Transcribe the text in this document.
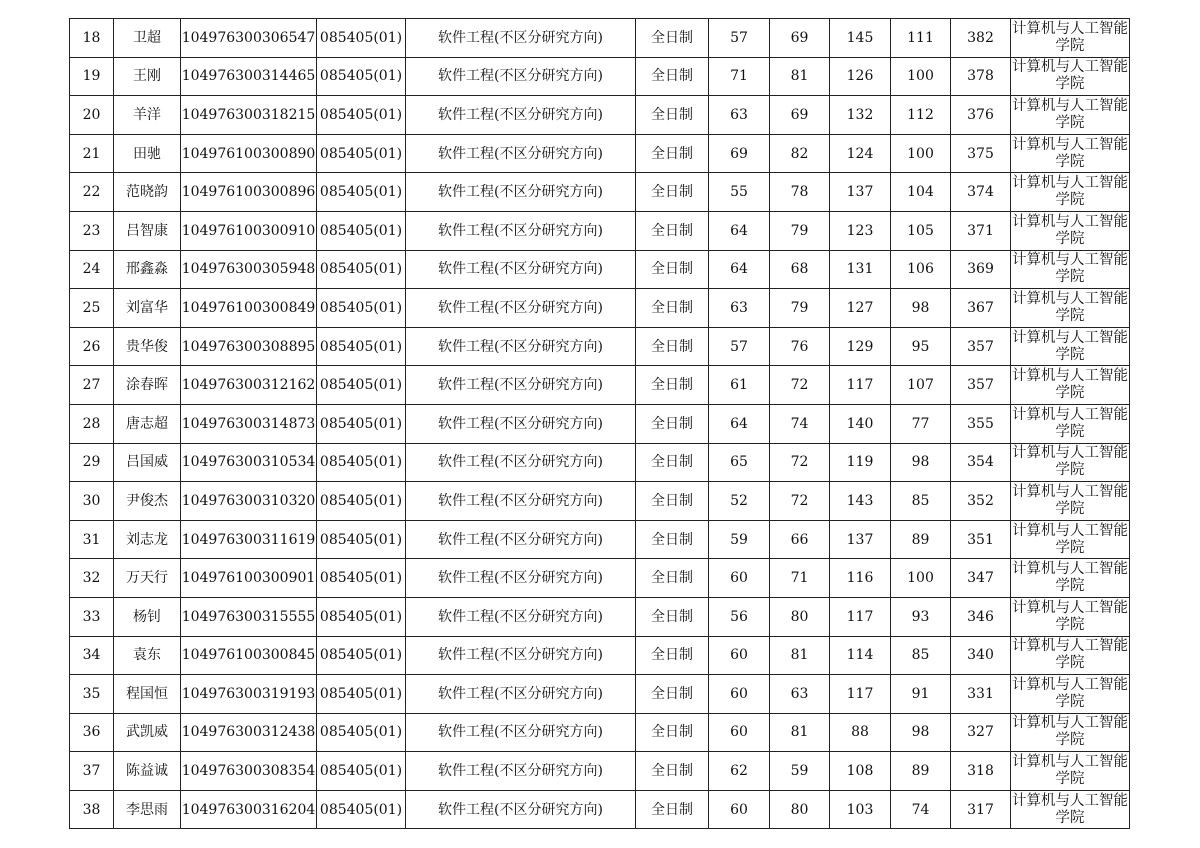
18	卫超	104976300306547	085405(01)	软件工程(不区分研究方向)	全日制	57	69	145	111	382	计算机与人工智能学院
19	王刚	104976300314465	085405(01)	软件工程(不区分研究方向)	全日制	71	81	126	100	378	计算机与人工智能学院
20	羊洋	104976300318215	085405(01)	软件工程(不区分研究方向)	全日制	63	69	132	112	376	计算机与人工智能学院
21	田驰	104976100300890	085405(01)	软件工程(不区分研究方向)	全日制	69	82	124	100	375	计算机与人工智能学院
22	范晓韵	104976100300896	085405(01)	软件工程(不区分研究方向)	全日制	55	78	137	104	374	计算机与人工智能学院
23	吕智康	104976100300910	085405(01)	软件工程(不区分研究方向)	全日制	64	79	123	105	371	计算机与人工智能学院
24	邢鑫淼	104976300305948	085405(01)	软件工程(不区分研究方向)	全日制	64	68	131	106	369	计算机与人工智能学院
25	刘富华	104976100300849	085405(01)	软件工程(不区分研究方向)	全日制	63	79	127	98	367	计算机与人工智能学院
26	贵华俊	104976300308895	085405(01)	软件工程(不区分研究方向)	全日制	57	76	129	95	357	计算机与人工智能学院
27	涂春晖	104976300312162	085405(01)	软件工程(不区分研究方向)	全日制	61	72	117	107	357	计算机与人工智能学院
28	唐志超	104976300314873	085405(01)	软件工程(不区分研究方向)	全日制	64	74	140	77	355	计算机与人工智能学院
29	吕国威	104976300310534	085405(01)	软件工程(不区分研究方向)	全日制	65	72	119	98	354	计算机与人工智能学院
30	尹俊杰	104976300310320	085405(01)	软件工程(不区分研究方向)	全日制	52	72	143	85	352	计算机与人工智能学院
31	刘志龙	104976300311619	085405(01)	软件工程(不区分研究方向)	全日制	59	66	137	89	351	计算机与人工智能学院
32	万天行	104976100300901	085405(01)	软件工程(不区分研究方向)	全日制	60	71	116	100	347	计算机与人工智能学院
33	杨钊	104976300315555	085405(01)	软件工程(不区分研究方向)	全日制	56	80	117	93	346	计算机与人工智能学院
34	袁东	104976100300845	085405(01)	软件工程(不区分研究方向)	全日制	60	81	114	85	340	计算机与人工智能学院
35	程国恒	104976300319193	085405(01)	软件工程(不区分研究方向)	全日制	60	63	117	91	331	计算机与人工智能学院
36	武凯威	104976300312438	085405(01)	软件工程(不区分研究方向)	全日制	60	81	88	98	327	计算机与人工智能学院
37	陈益诚	104976300308354	085405(01)	软件工程(不区分研究方向)	全日制	62	59	108	89	318	计算机与人工智能学院
38	李思雨	104976300316204	085405(01)	软件工程(不区分研究方向)	全日制	60	80	103	74	317	计算机与人工智能学院
